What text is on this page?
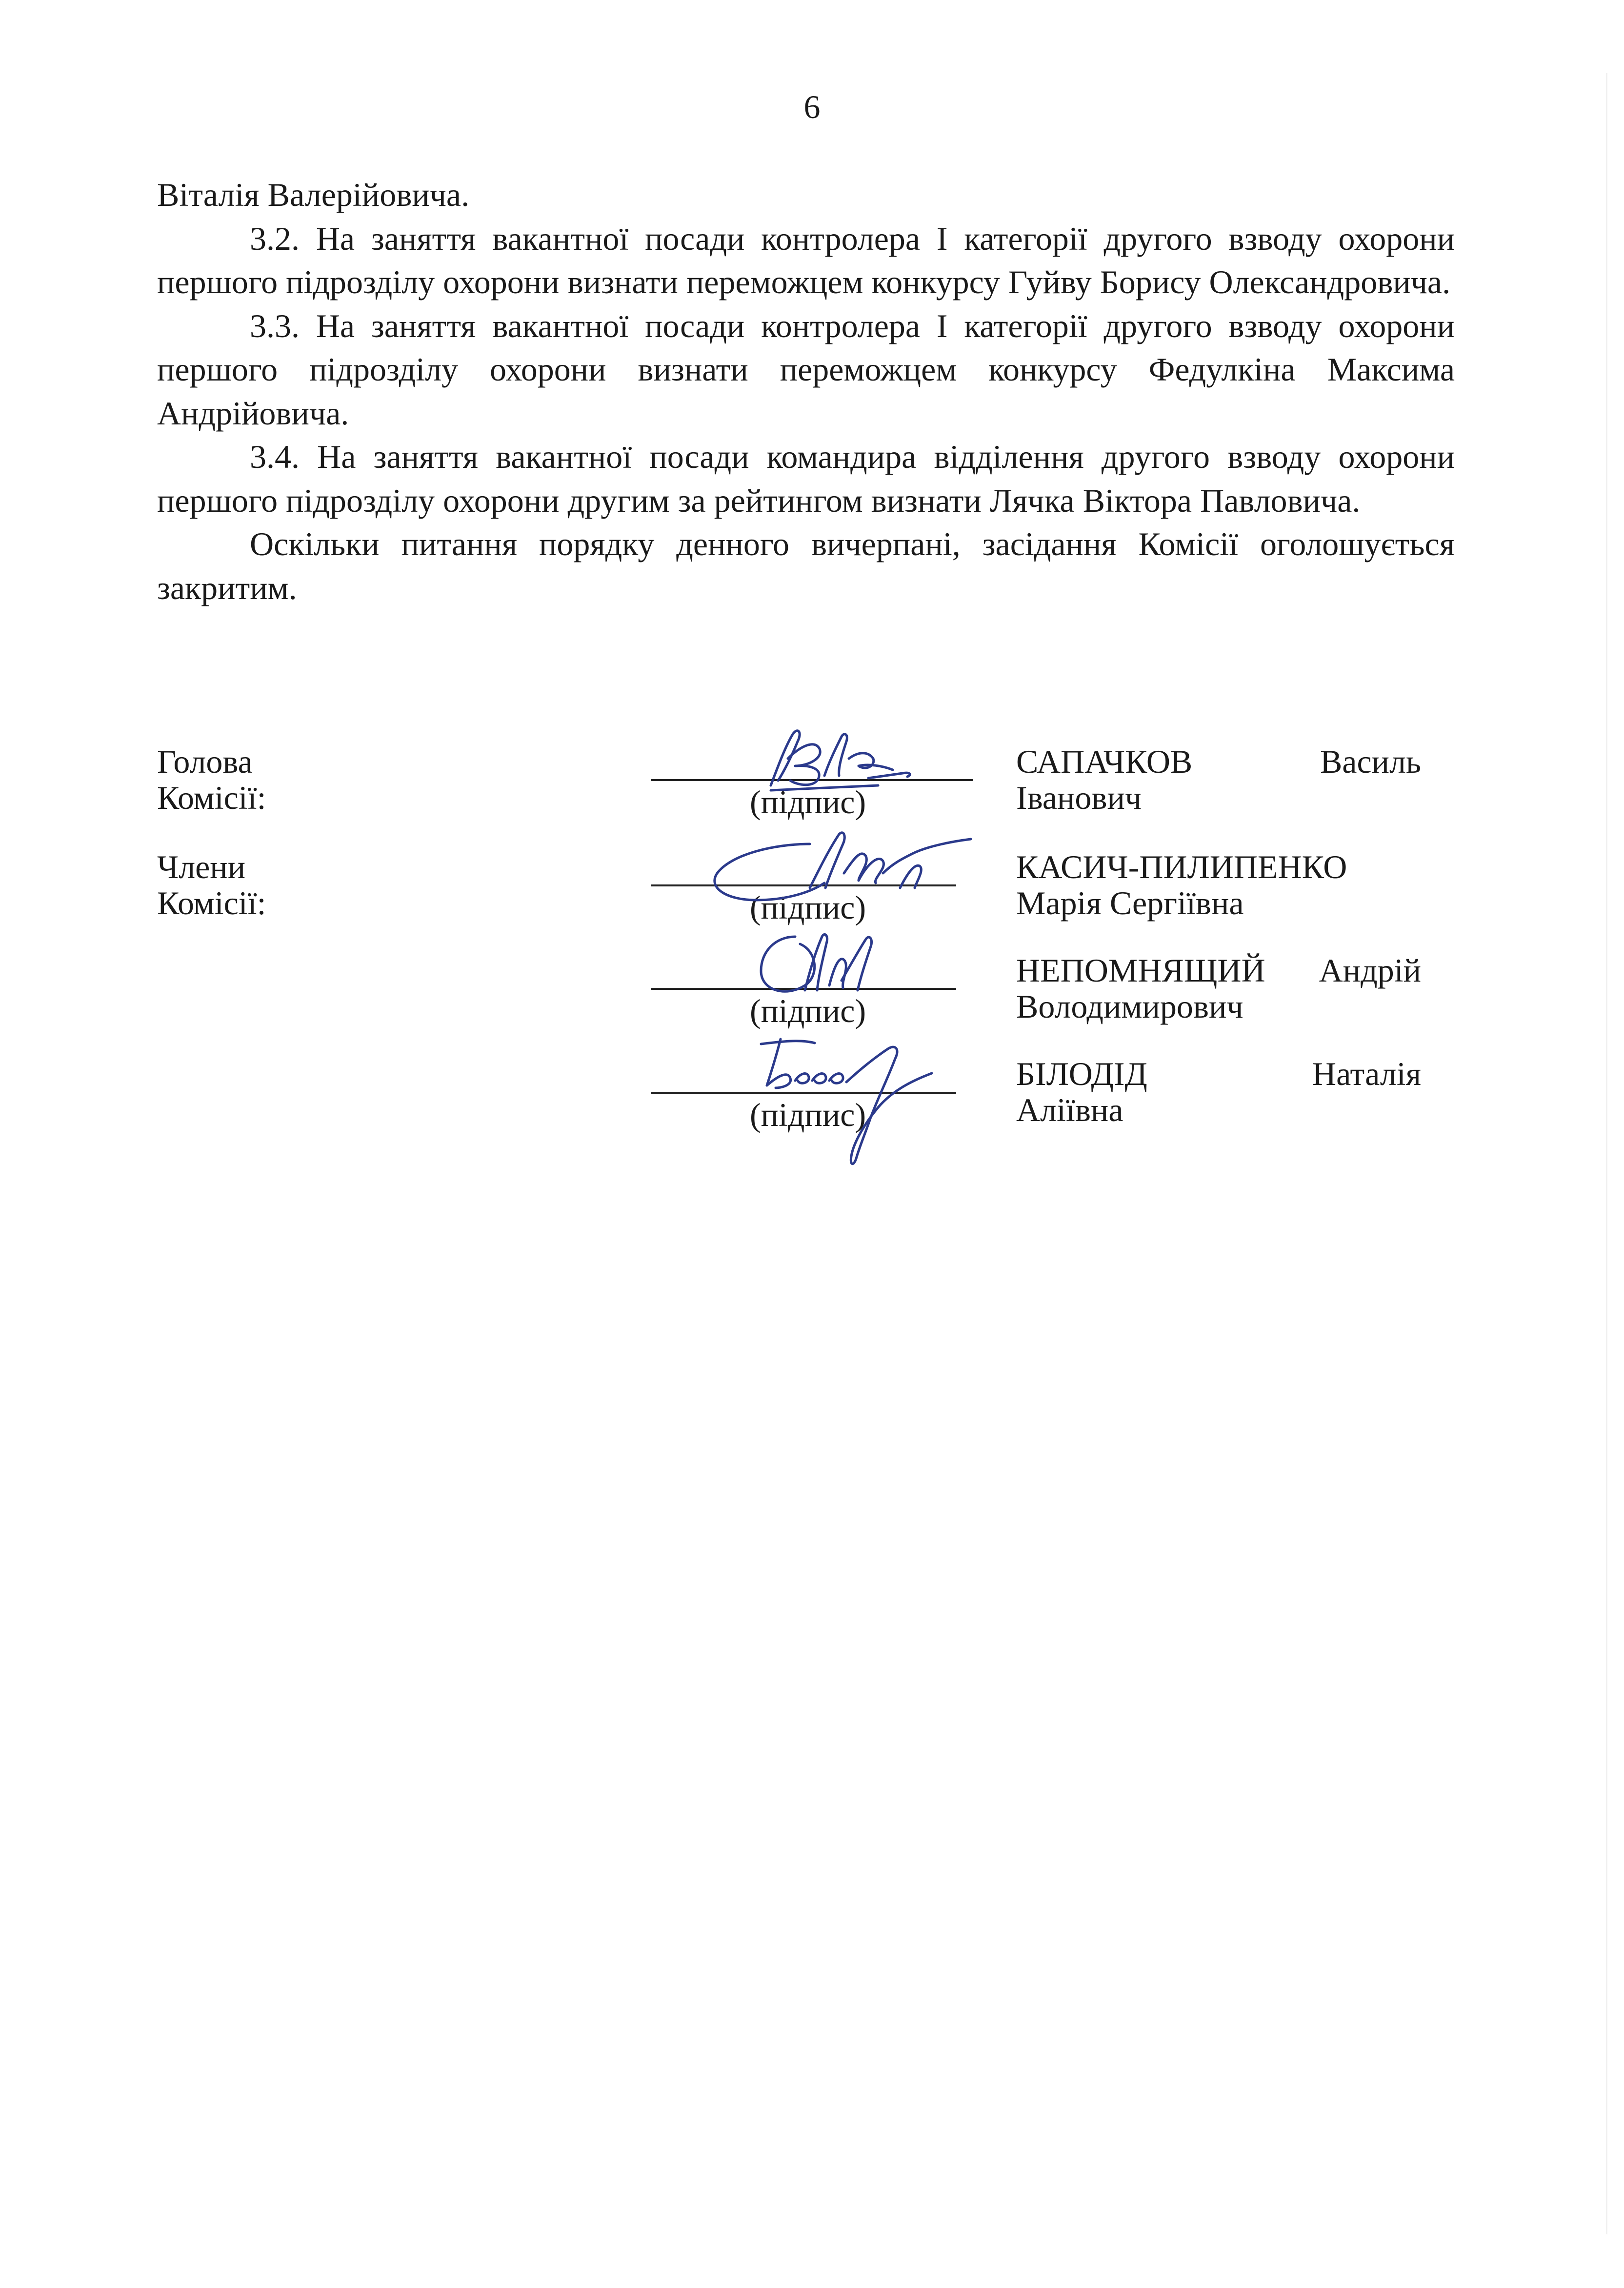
6

Віталія Валерійовича.

3.2. На заняття вакантної посади контролера І категорії другого взводу охорони першого підрозділу охорони визнати переможцем конкурсу Гуйву Борису Олександровича.

3.3. На заняття вакантної посади контролера І категорії другого взводу охорони першого підрозділу охорони визнати переможцем конкурсу Федулкіна Максима Андрійовича.

3.4. На заняття вакантної посади командира відділення другого взводу охорони першого підрозділу охорони другим за рейтингом визнати Лячка Віктора Павловича.

Оскільки питання порядку денного вичерпані, засідання Комісії оголошується закритим.

Голова
Комісії:
Члени
Комісії:
(підпис)
САПАЧКОВ	Василь
Іванович
(підпис)
КАСИЧ-ПИЛИПЕНКО
Марія Сергіївна
(підпис)
НЕПОМНЯЩИЙ Андрій
Володимирович
(підпис)
БІЛОДІД	Наталія
Аліївна
